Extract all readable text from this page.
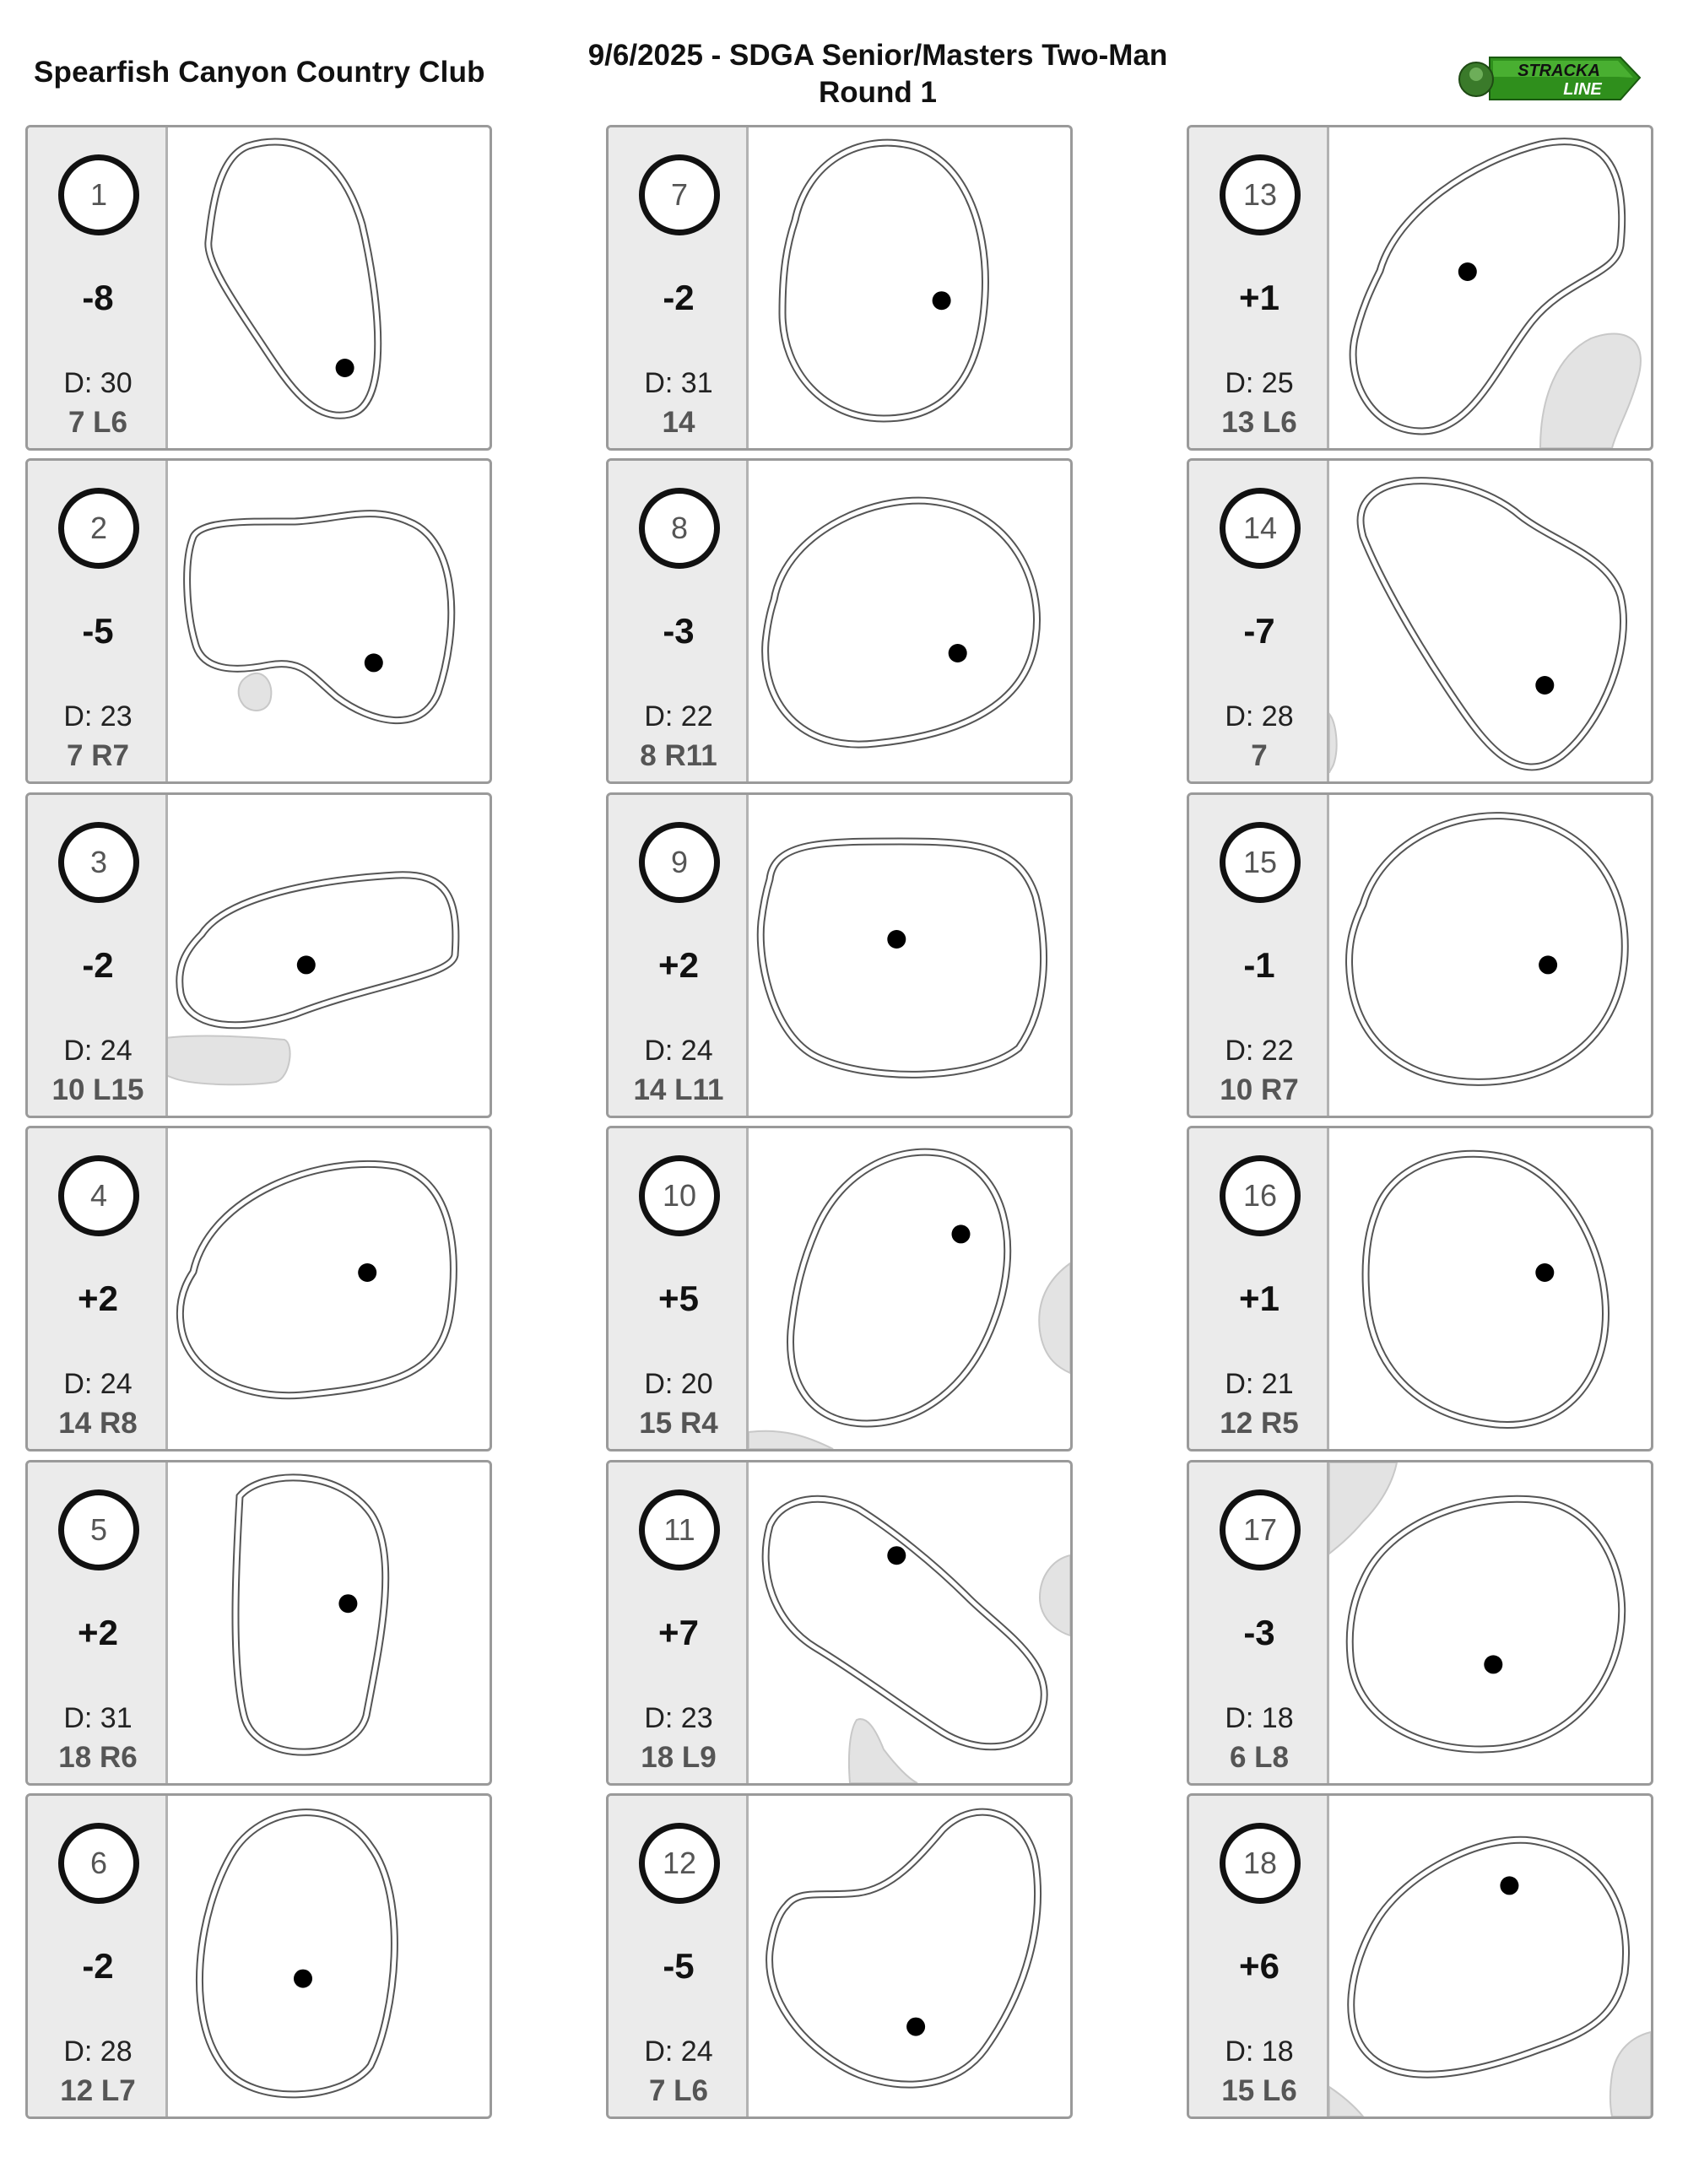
Spearfish Canyon Country Club
9/6/2025 - SDGA Senior/Masters Two-Man
Round 1
STRACKA
LINE
1
-8
D: 30
7 L6
2
-5
D: 23
7 R7
3
-2
D: 24
10 L15
4
+2
D: 24
14 R8
5
+2
D: 31
18 R6
6
-2
D: 28
12 L7
7
-2
D: 31
14
8
-3
D: 22
8 R11
9
+2
D: 24
14 L11
10
+5
D: 20
15 R4
11
+7
D: 23
18 L9
12
-5
D: 24
7 L6
13
+1
D: 25
13 L6
14
-7
D: 28
7
15
-1
D: 22
10 R7
16
+1
D: 21
12 R5
17
-3
D: 18
6 L8
18
+6
D: 18
15 L6
